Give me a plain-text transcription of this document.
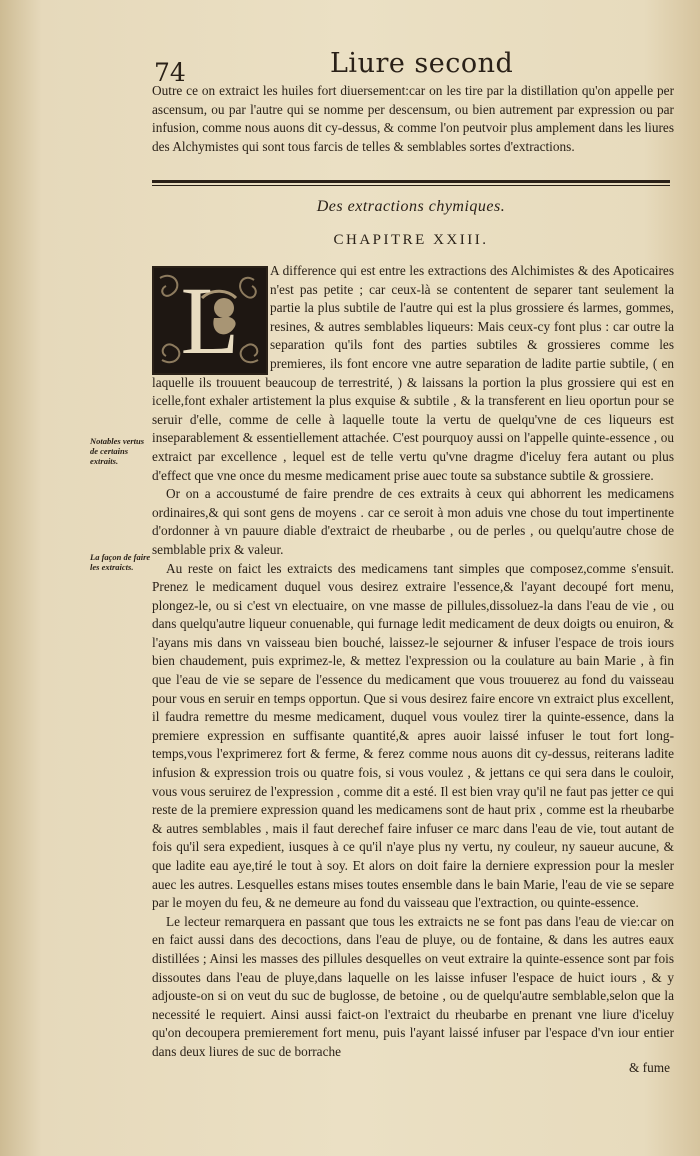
74	Liure second

Outre ce on extraict les huiles fort diuersement:car on les tire par la distillation qu'on appelle per ascensum, ou par l'autre qui se nomme per descensum, ou bien autrement par expression ou par infusion, comme nous auons dit cy-dessus, & comme l'on peutvoir plus amplement dans les liures des Alchymistes qui sont tous farcis de telles & semblables sortes d'extractions.

Des extractions chymiques.
CHAPITRE XXIII.
L	A difference qui est entre les extractions des Alchimistes & des Apoticaires n'est pas petite ; car ceux-là se contentent de separer tant seulement la partie la plus subtile de l'autre qui est la plus grossiere és larmes, gommes, resines, & autres semblables liqueurs: Mais ceux-cy font plus : car outre la separation qu'ils font des parties subtiles & grossieres comme les premieres, ils font encore vne autre separation de ladite partie subtile, ( en laquelle ils trouuent beaucoup de terrestrité, ) & laissans la portion la plus grossiere qui est en icelle,font exhaler artistement la plus exquise & subtile , & la transferent en lieu oportun pour se seruir d'elle, comme de celle à laquelle toute la vertu de quelqu'vne de ces liqueurs est inseparablement & essentiellement attachée. C'est pourquoy aussi on l'appelle quinte-essence , ou extraict par excellence , lequel est de telle vertu qu'vne dragme d'iceluy fera autant ou plus d'effect que vne once du mesme medicament prise auec toute sa substance subtile & grossiere.

Or on a accoustumé de faire prendre de ces extraits à ceux qui abhorrent les medicamens ordinaires,& qui sont gens de moyens . car ce seroit à mon aduis vne chose du tout impertinente d'ordonner à vn pauure diable d'extraict de rheubarbe , ou de perles , ou quelqu'autre chose de semblable prix & valeur.

Au reste on faict les extraicts des medicamens tant simples que composez,comme s'ensuit. Prenez le medicament duquel vous desirez extraire l'essence,& l'ayant decoupé fort menu, plongez-le, ou si c'est vn electuaire, on vne masse de pillules,dissoluez-la dans l'eau de vie , ou dans quelqu'autre liqueur conuenable, qui furnage ledit medicament de deux doigts ou enuiron, & l'ayans mis dans vn vaisseau bien bouché, laissez-le sejourner & infuser l'espace de trois iours bien chaudement, puis exprimez-le, & mettez l'expression ou la coulature au bain Marie , à fin que l'eau de vie se separe de l'essence du medicament que vous trouuerez au fond du vaisseau pour vous en seruir en temps opportun. Que si vous desirez faire encore vn extraict plus excellent, il faudra remettre du mesme medicament, duquel vous voulez tirer la quinte-essence, dans la premiere expression en suffisante quantité,& apres auoir laissé infuser le tout fort long-temps,vous l'exprimerez fort & ferme, & ferez comme nous auons dit cy-dessus, reiterans ladite infusion & expression trois ou quatre fois, si vous voulez , & jettans ce qui sera dans le couloir, vous vous seruirez de l'expression , comme dit a esté. Il est bien vray qu'il ne faut pas jetter ce qui reste de la premiere expression quand les medicamens sont de haut prix , comme est la rheubarbe & autres semblables , mais il faut derechef faire infuser ce marc dans l'eau de vie, tout autant de fois qu'il sera expedient, iusques à ce qu'il n'aye plus ny vertu, ny couleur, ny saueur aucune, & que ladite eau aye,tiré le tout à soy. Et alors on doit faire la derniere expression pour la mesler auec les autres. Lesquelles estans mises toutes ensemble dans le bain Marie, l'eau de vie se separe par le moyen du feu, & ne demeure au fond du vaisseau que l'extraction, ou quinte-essence.

Le lecteur remarquera en passant que tous les extraicts ne se font pas dans l'eau de vie:car on en faict aussi dans des decoctions, dans l'eau de pluye, ou de fontaine, & dans les autres eaux distillées ; Ainsi les masses des pillules desquelles on veut extraire la quinte-essence sont par fois dissoutes dans l'eau de pluye,dans laquelle on les laisse infuser l'espace de huict iours , & y adjouste-on si on veut du suc de buglosse, de betoine , ou de quelqu'autre semblable,selon que la necessité le requiert. Ainsi aussi faict-on l'extraict du rheubarbe en prenant vne liure d'iceluy qu'on decoupera premierement fort menu, puis l'ayant laissé infuser par l'espace d'vn iour entier dans deux liures de suc de borrache

& fume

Notables vertus de certains extraits.

La façon de faire les extraicts.
